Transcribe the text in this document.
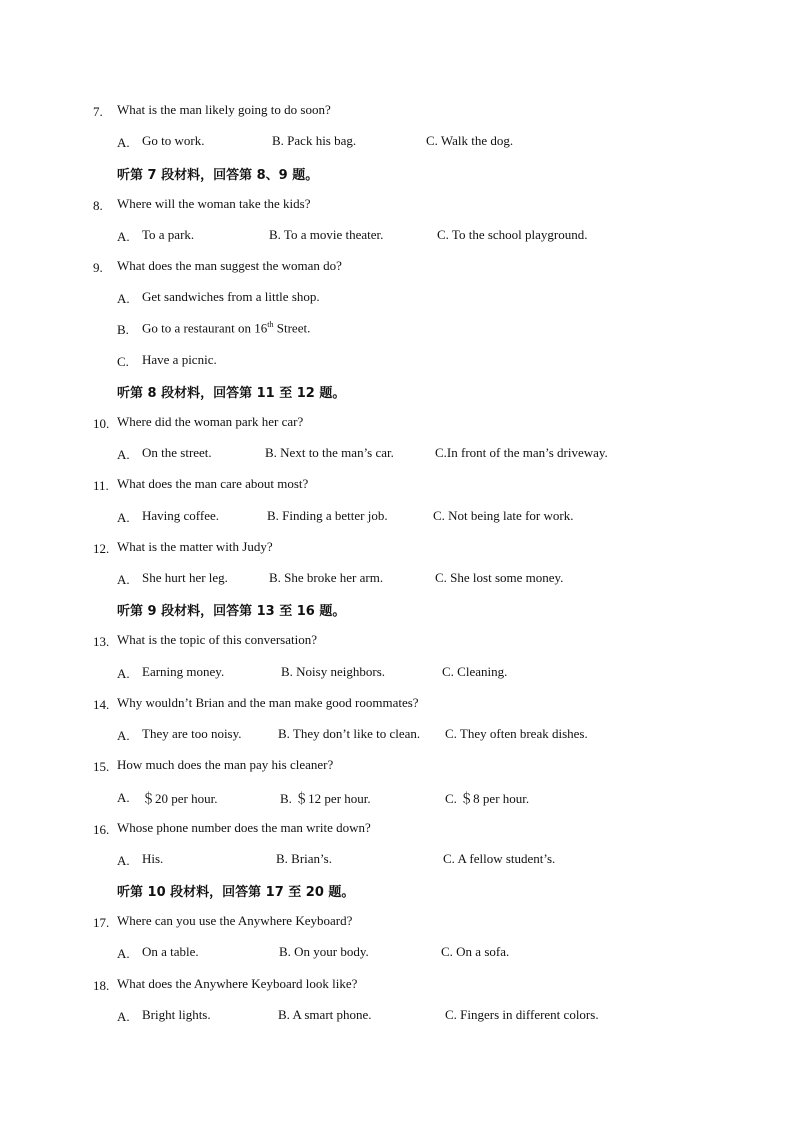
7. What is the man likely going to do soon?
A. Go to work.	B. Pack his bag.	C. Walk the dog.
听第 7 段材料，回答第 8、9 题。
8. Where will the woman take the kids?
A. To a park.	B. To a movie theater.	C. To the school playground.
9. What does the man suggest the woman do?
A. Get sandwiches from a little shop.
B. Go to a restaurant on 16th Street.
C. Have a picnic.
听第 8 段材料，回答第 11 至 12 题。
10. Where did the woman park her car?
A. On the street.	B. Next to the man’s car.	C.In front of the man’s driveway.
11. What does the man care about most?
A. Having coffee.	B. Finding a better job.	C. Not being late for work.
12. What is the matter with Judy?
A. She hurt her leg.	B. She broke her arm.	C. She lost some money.
听第 9 段材料，回答第 13 至 16 题。
13. What is the topic of this conversation?
A. Earning money.	B. Noisy neighbors.	C. Cleaning.
14. Why wouldn’t Brian and the man make good roommates?
A. They are too noisy.	B. They don’t like to clean. C. They often break dishes.
15. How much does the man pay his cleaner?
A. ＄20 per hour.	B. ＄12 per hour.	C. ＄8 per hour.
16. Whose phone number does the man write down?
A. His.	B. Brian’s.	C. A fellow student’s.
听第 10 段材料，回答第 17 至 20 题。
17. Where can you use the Anywhere Keyboard?
A. On a table.	B. On your body.	C. On a sofa.
18. What does the Anywhere Keyboard look like?
A. Bright lights.	B. A smart phone.	C. Fingers in different colors.
